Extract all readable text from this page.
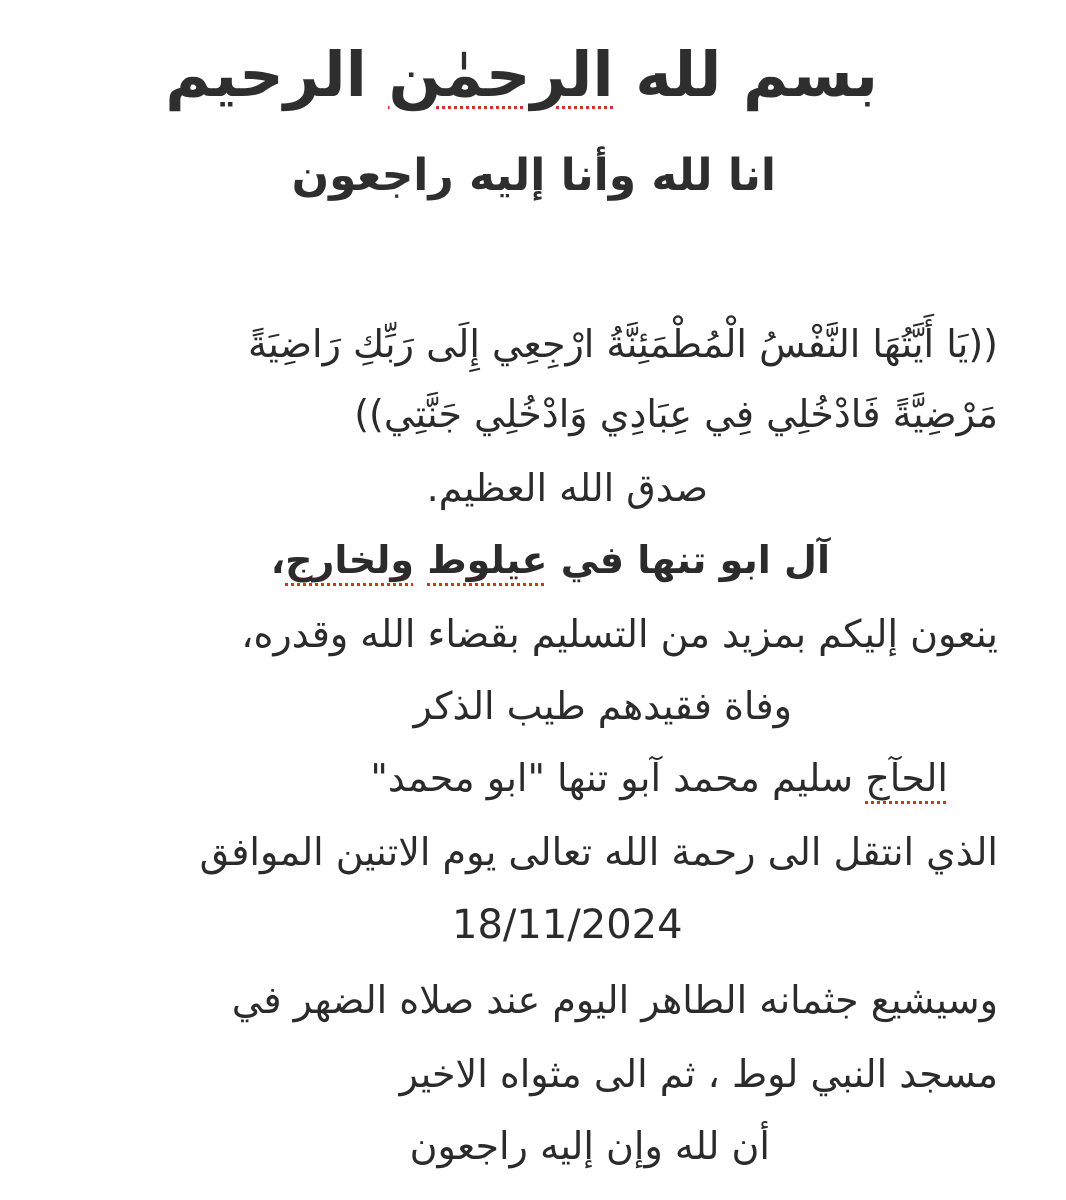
بسم لله الرحمٰن الرحيم
انا لله وأنا إليه راجعون
((يَا أَيَّتُهَا النَّفْسُ الْمُطْمَئِنَّةُ ارْجِعِي إِلَى رَبِّكِ رَاضِيَةً
مَرْضِيَّةً فَادْخُلِي فِي عِبَادِي وَادْخُلِي جَنَّتِي))
صدق الله العظيم.
آل ابو تنها في عيلوط ولخارج،
ينعون إليكم بمزيد من التسليم بقضاء الله وقدره،
وفاة فقيدهم طيب الذكر
الحآج سليم محمد آبو تنها "ابو محمد"
الذي انتقل الى رحمة الله تعالى يوم الاتنين الموافق
18/11/2024
وسيشيع جثمانه الطاهر اليوم عند صلاه الضهر في
مسجد النبي لوط ، ثم الى مثواه الاخير
أن لله وإن إليه راجعون
